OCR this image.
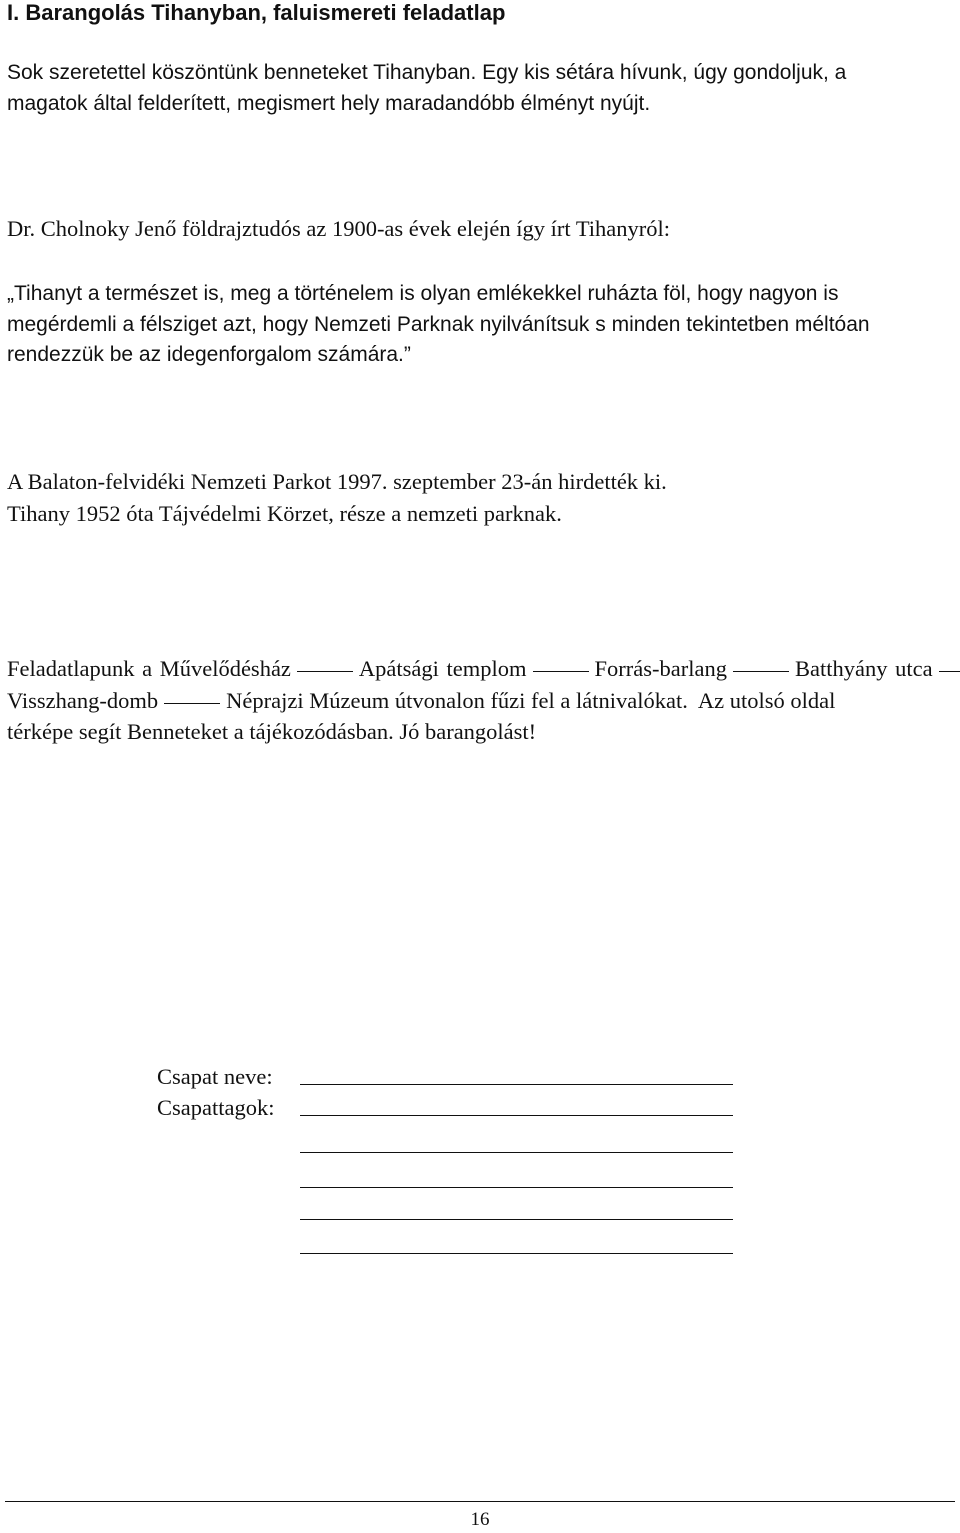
I. Barangolás Tihanyban, faluismereti feladatlap
Sok szeretettel köszöntünk benneteket Tihanyban. Egy kis sétára hívunk, úgy gondoljuk, a
magatok által felderített, megismert hely maradandóbb élményt nyújt.
Dr. Cholnoky Jenő földrajztudós az 1900-as évek elején így írt Tihanyról:
„Tihanyt a természet is, meg a történelem is olyan emlékekkel ruházta föl, hogy nagyon is
megérdemli a félsziget azt, hogy Nemzeti Parknak nyilvánítsuk s minden tekintetben méltóan
rendezzük be az idegenforgalom számára.”
A Balaton-felvidéki Nemzeti Parkot 1997. szeptember 23-án hirdették ki.
Tihany 1952 óta Tájvédelmi Körzet, része a nemzeti parknak.
Feladatlapunk a Művelődésház	Apátsági templom	Forrás-barlang	Batthyány utca
Visszhang-domb	Néprajzi Múzeum útvonalon fűzi fel a látnivalókat.  Az utolsó oldal
térképe segít Benneteket a tájékozódásban. Jó barangolást!
Csapat neve:
Csapattagok:
16
